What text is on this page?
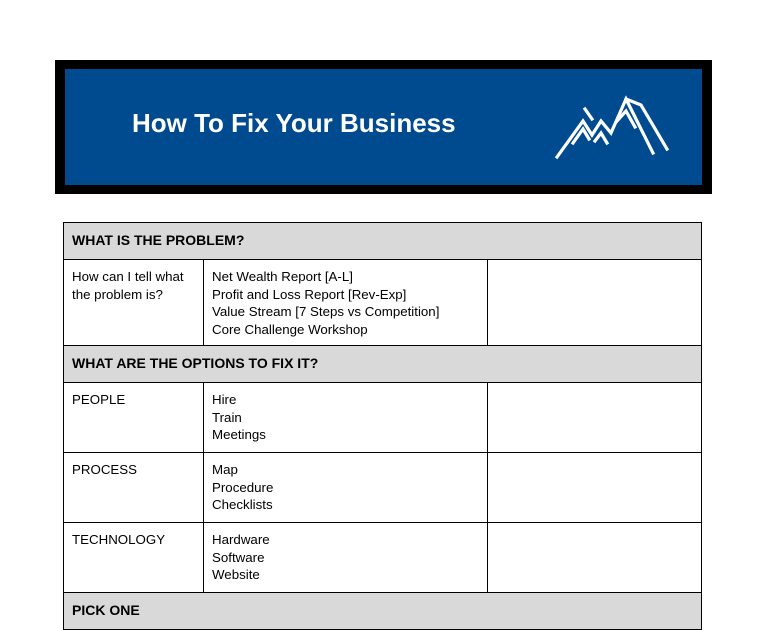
How To Fix Your Business
WHAT IS THE PROBLEM?		
How can I tell what the problem is?	Net Wealth Report [A-L]
Profit and Loss Report [Rev-Exp]
Value Stream [7 Steps vs Competition]
Core Challenge Workshop	

WHAT ARE THE OPTIONS TO FIX IT?		
PEOPLE	Hire
Train
Meetings	

PROCESS	Map
Procedure
Checklists	

TECHNOLOGY	Hardware
Software
Website	

PICK ONE		
